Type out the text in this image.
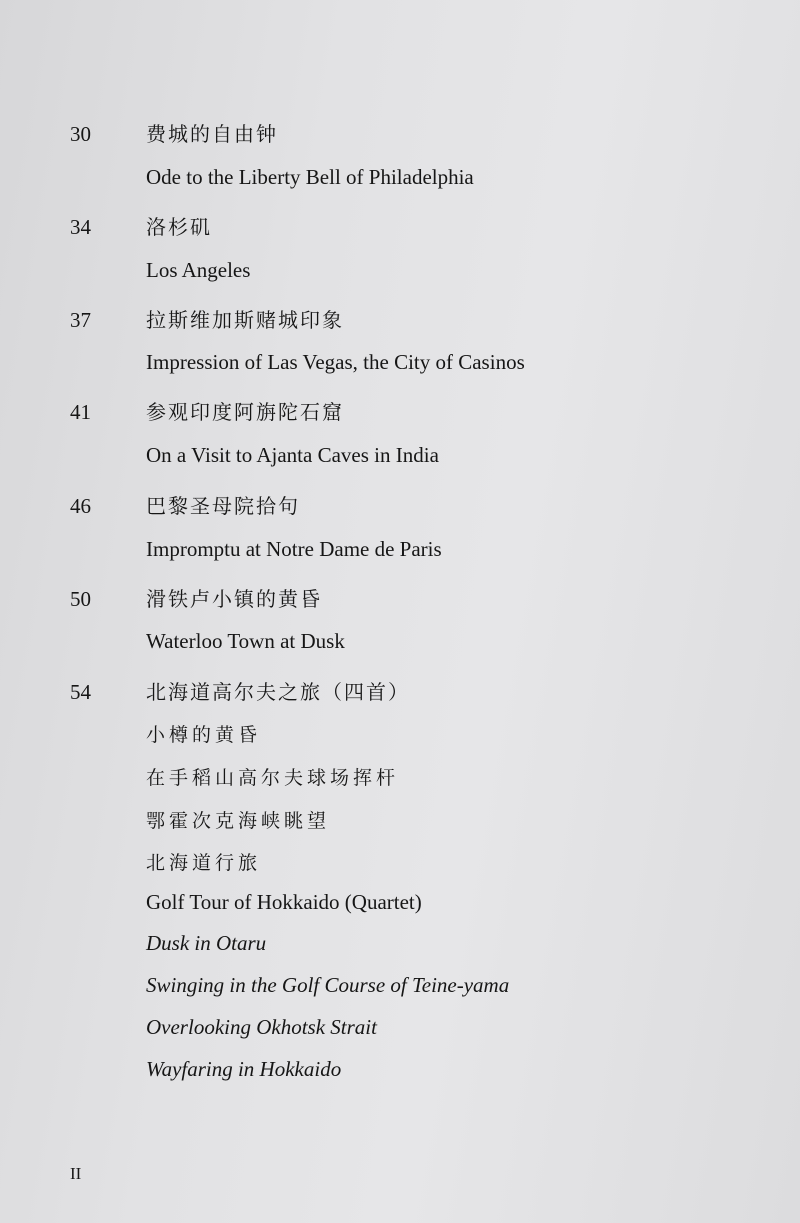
30	费城的自由钟
Ode to the Liberty Bell of Philadelphia
34	洛杉矶
Los Angeles
37	拉斯维加斯赌城印象
Impression of Las Vegas, the City of Casinos
41	参观印度阿旃陀石窟
On a Visit to Ajanta Caves in India
46	巴黎圣母院拾句
Impromptu at Notre Dame de Paris
50	滑铁卢小镇的黄昏
Waterloo Town at Dusk
54	北海道高尔夫之旅（四首）
小樽的黄昏
在手稻山高尔夫球场挥杆
鄂霍次克海峡眺望
北海道行旅
Golf Tour of Hokkaido (Quartet)
Dusk in Otaru
Swinging in the Golf Course of Teine-yama
Overlooking Okhotsk Strait
Wayfaring in Hokkaido
II
